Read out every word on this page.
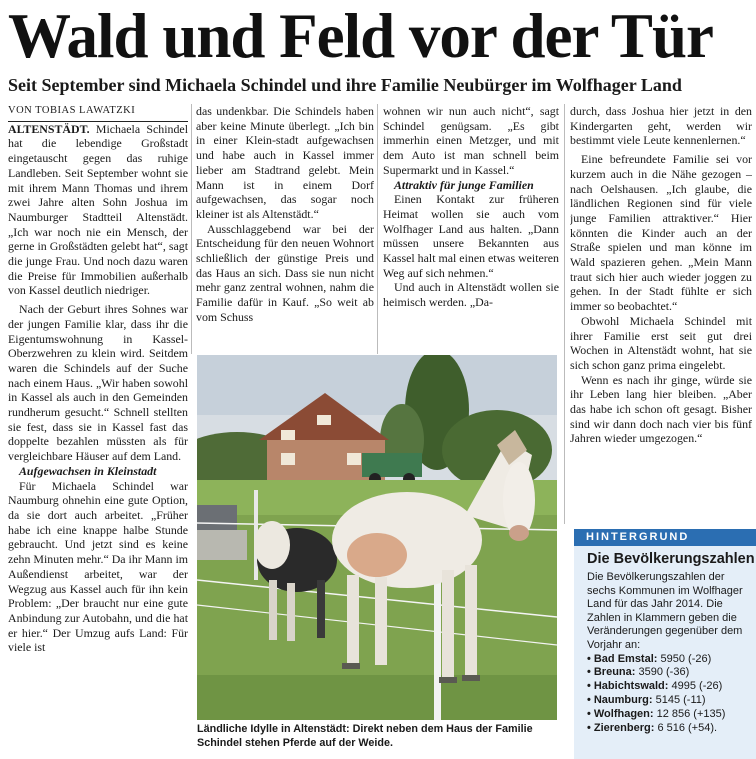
Wald und Feld vor der Tür
Seit September sind Michaela Schindel und ihre Familie Neubürger im Wolfhager Land

VON TOBIAS LAWATZKI

ALTENSTÄDT. Michaela Schindel hat die lebendige Großstadt eingetauscht gegen das ruhige Landleben. Seit September wohnt sie mit ihrem Mann Thomas und ihrem zwei Jahre alten Sohn Joshua im Naumburger Stadtteil Altenstädt. „Ich war noch nie ein Mensch, der gerne in Großstädten gelebt hat“, sagt die junge Frau. Und noch dazu waren die Preise für Immobilien außerhalb von Kassel deutlich niedriger.

Nach der Geburt ihres Sohnes war der jungen Familie klar, dass ihr die Eigentumswohnung in Kassel-Oberzwehren zu klein wird. Seitdem waren die Schindels auf der Suche nach einem Haus. „Wir haben sowohl in Kassel als auch in den Gemeinden rundherum gesucht.“ Schnell stellten sie fest, dass sie in Kassel fast das doppelte bezahlen müssten als für vergleichbare Häuser auf dem Land.

Aufgewachsen in Kleinstadt

Für Michaela Schindel war Naumburg ohnehin eine gute Option, da sie dort auch arbeitet. „Früher habe ich eine knappe halbe Stunde gebraucht. Und jetzt sind es keine zehn Minuten mehr.“ Da ihr Mann im Außendienst arbeitet, war der Wegzug aus Kassel auch für ihn kein Problem: „Der braucht nur eine gute Anbindung zur Autobahn, und die hat er hier.“ Der Umzug aufs Land: Für viele ist

das undenkbar. Die Schindels haben aber keine Minute überlegt. „Ich bin in einer Klein-stadt aufgewachsen und habe auch in Kassel immer lieber am Stadtrand gelebt. Mein Mann ist in einem Dorf aufgewachsen, das sogar noch kleiner ist als Altenstädt.“

Ausschlaggebend war bei der Entscheidung für den neuen Wohnort schließlich der günstige Preis und das Haus an sich. Dass sie nun nicht mehr ganz zentral wohnen, nahm die Familie dafür in Kauf. „So weit ab vom Schuss

wohnen wir nun auch nicht“, sagt Schindel genügsam. „Es gibt immerhin einen Metzger, und mit dem Auto ist man schnell beim Supermarkt und in Kassel.“

Attraktiv für junge Familien

Einen Kontakt zur früheren Heimat wollen sie auch vom Wolfhager Land aus halten. „Dann müssen unsere Bekannten aus Kassel halt mal einen etwas weiteren Weg auf sich nehmen.“

Und auch in Altenstädt wollen sie heimisch werden. „Da-

durch, dass Joshua hier jetzt in den Kindergarten geht, werden wir bestimmt viele Leute kennenlernen.“

Eine befreundete Familie sei vor kurzem auch in die Nähe gezogen – nach Oelshausen. „Ich glaube, die ländlichen Regionen sind für viele junge Familien attraktiver.“ Hier könnten die Kinder auch an der Straße spielen und man könne im Wald spazieren gehen. „Mein Mann traut sich hier auch wieder joggen zu gehen. In der Stadt fühlte er sich immer so beobachtet.“

Obwohl Michaela Schindel mit ihrer Familie erst seit gut drei Wochen in Altenstädt wohnt, hat sie sich schon ganz prima eingelebt.

Wenn es nach ihr ginge, würde sie ihr Leben lang hier bleiben. „Aber das habe ich schon oft gesagt. Bisher sind wir dann doch nach vier bis fünf Jahren wieder umgezogen.“

Ländliche Idylle in Altenstädt: Direkt neben dem Haus der Familie Schindel stehen Pferde auf der Weide.
HINTERGRUND
Die Bevölkerungszahlen
Die Bevölkerungszahlen der sechs Kommunen im Wolfhager Land für das Jahr 2014. Die Zahlen in Klammern geben die Veränderungen gegenüber dem Vorjahr an:
• Bad Emstal: 5950 (-26)
• Breuna: 3590 (-36)
• Habichtswald: 4995 (-26)
• Naumburg: 5145 (-11)
• Wolfhagen: 12 856 (+135)
• Zierenberg: 6 516 (+54).
